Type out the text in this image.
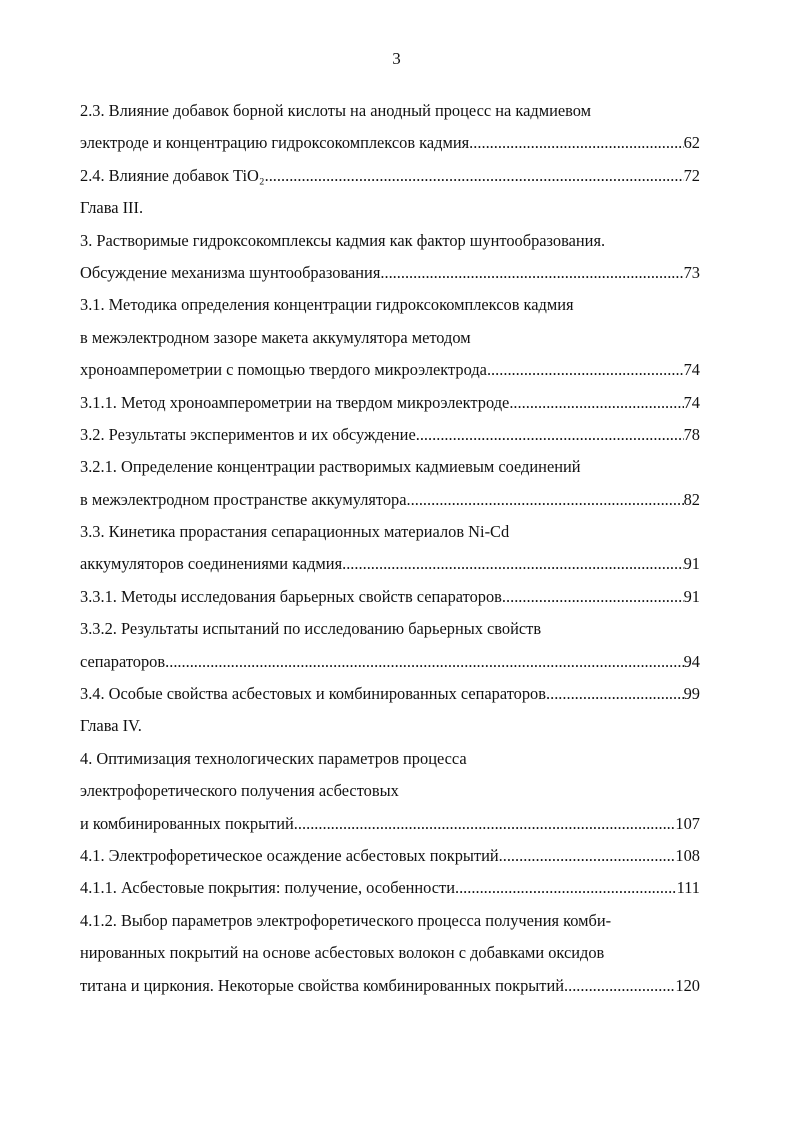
3
2.3. Влияние добавок борной кислоты на анодный процесс на кадмиевом
электроде и концентрацию гидроксокомплексов кадмия. .....	62
2.4. Влияние добавок TiO₂. .....	72
Глава III.
3. Растворимые гидроксокомплексы кадмия как фактор шунтообразования.
Обсуждение механизма шунтообразования. .....	73
3.1. Методика определения концентрации гидроксокомплексов кадмия
в межэлектродном зазоре макета аккумулятора методом
хроноамперометрии с помощью твердого микроэлектрода. .....	74
3.1.1. Метод хроноамперометрии на твердом микроэлектроде. .....	74
3.2. Результаты экспериментов и их обсуждение. .....	78
3.2.1. Определение концентрации растворимых кадмиевым соединений
в межэлектродном пространстве аккумулятора .....	82
3.3. Кинетика прорастания сепарационных материалов Ni-Cd
аккумуляторов соединениями кадмия. .....	91
3.3.1. Методы исследования барьерных свойств сепараторов. .....	91
3.3.2. Результаты испытаний по исследованию барьерных свойств
сепараторов. .....	94
3.4. Особые свойства асбестовых и комбинированных сепараторов .....	99
Глава IV.
4. Оптимизация технологических параметров процесса
электрофоретического получения асбестовых
и комбинированных покрытий .....	107
4.1. Электрофоретическое осаждение асбестовых покрытий. .....	108
4.1.1. Асбестовые покрытия: получение, особенности .....	111
4.1.2. Выбор параметров электрофоретического процесса получения комби-
нированных покрытий на основе асбестовых волокон с добавками оксидов
титана и циркония. Некоторые свойства комбинированных покрытий. .....	120
